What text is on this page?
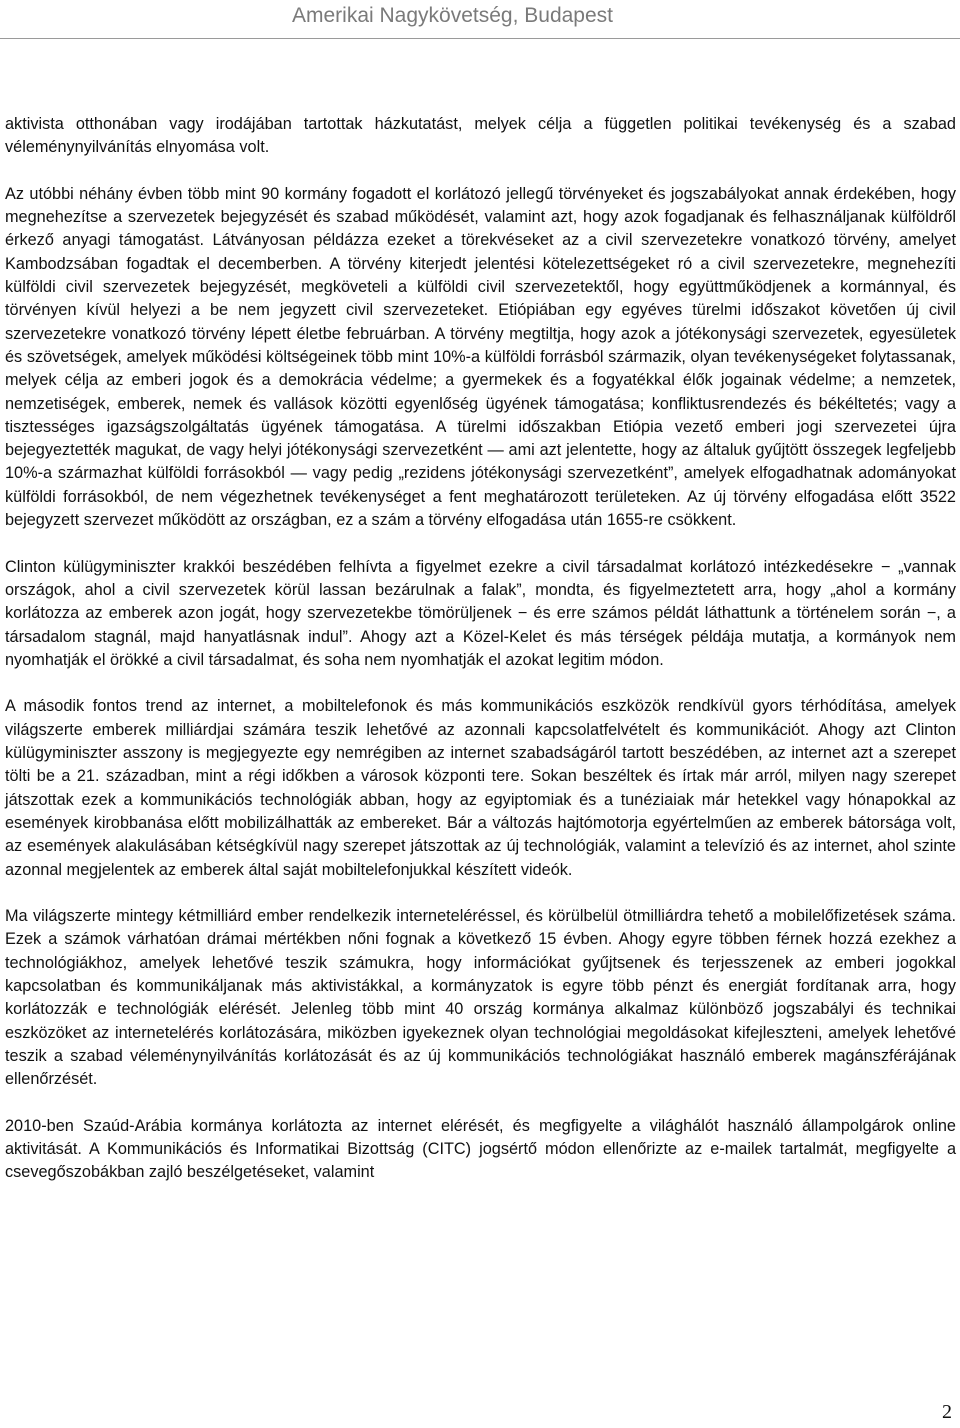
Amerikai Nagykövetség, Budapest

aktivista otthonában vagy irodájában tartottak házkutatást, melyek célja a független politikai tevékenység és a szabad véleménynyilvánítás elnyomása volt.

Az utóbbi néhány évben több mint 90 kormány fogadott el korlátozó jellegű törvényeket és jogszabályokat annak érdekében, hogy megnehezítse a szervezetek bejegyzését és szabad működését, valamint azt, hogy azok fogadjanak és felhasználjanak külföldről érkező anyagi támogatást. Látványosan példázza ezeket a törekvéseket az a civil szervezetekre vonatkozó törvény, amelyet Kambodzsában fogadtak el decemberben. A törvény kiterjedt jelentési kötelezettségeket ró a civil szervezetekre, megnehezíti külföldi civil szervezetek bejegyzését, megköveteli a külföldi civil szervezetektől, hogy együttműködjenek a kormánnyal, és törvényen kívül helyezi a be nem jegyzett civil szervezeteket. Etiópiában egy egyéves türelmi időszakot követően új civil szervezetekre vonatkozó törvény lépett életbe februárban. A törvény megtiltja, hogy azok a jótékonysági szervezetek, egyesületek és szövetségek, amelyek működési költségeinek több mint 10%-a külföldi forrásból származik, olyan tevékenységeket folytassanak, melyek célja az emberi jogok és a demokrácia védelme; a gyermekek és a fogyatékkal élők jogainak védelme; a nemzetek, nemzetiségek, emberek, nemek és vallások közötti egyenlőség ügyének támogatása; konfliktusrendezés és békéltetés; vagy a tisztességes igazságszolgáltatás ügyének támogatása. A türelmi időszakban Etiópia vezető emberi jogi szervezetei újra bejegyeztették magukat, de vagy helyi jótékonysági szervezetként — ami azt jelentette, hogy az általuk gyűjtött összegek legfeljebb 10%-a származhat külföldi forrásokból — vagy pedig „rezidens jótékonysági szervezetként”, amelyek elfogadhatnak adományokat külföldi forrásokból, de nem végezhetnek tevékenységet a fent meghatározott területeken. Az új törvény elfogadása előtt 3522 bejegyzett szervezet működött az országban, ez a szám a törvény elfogadása után 1655-re csökkent.

Clinton külügyminiszter krakkói beszédében felhívta a figyelmet ezekre a civil társadalmat korlátozó intézkedésekre − „vannak országok, ahol a civil szervezetek körül lassan bezárulnak a falak”, mondta, és figyelmeztetett arra, hogy „ahol a kormány korlátozza az emberek azon jogát, hogy szervezetekbe tömörüljenek − és erre számos példát láthattunk a történelem során −, a társadalom stagnál, majd hanyatlásnak indul”. Ahogy azt a Közel-Kelet és más térségek példája mutatja, a kormányok nem nyomhatják el örökké a civil társadalmat, és soha nem nyomhatják el azokat legitim módon.

A második fontos trend az internet, a mobiltelefonok és más kommunikációs eszközök rendkívül gyors térhódítása, amelyek világszerte emberek milliárdjai számára teszik lehetővé az azonnali kapcsolatfelvételt és kommunikációt. Ahogy azt Clinton külügyminiszter asszony is megjegyezte egy nemrégiben az internet szabadságáról tartott beszédében, az internet azt a szerepet tölti be a 21. században, mint a régi időkben a városok központi tere. Sokan beszéltek és írtak már arról, milyen nagy szerepet játszottak ezek a kommunikációs technológiák abban, hogy az egyiptomiak és a tunéziaiak már hetekkel vagy hónapokkal az események kirobbanása előtt mobilizálhatták az embereket. Bár a változás hajtómotorja egyértelműen az emberek bátorsága volt, az események alakulásában kétségkívül nagy szerepet játszottak az új technológiák, valamint a televízió és az internet, ahol szinte azonnal megjelentek az emberek által saját mobiltelefonjukkal készített videók.

Ma világszerte mintegy kétmilliárd ember rendelkezik interneteléréssel, és körülbelül ötmilliárdra tehető a mobilelőfizetések száma. Ezek a számok várhatóan drámai mértékben nőni fognak a következő 15 évben. Ahogy egyre többen férnek hozzá ezekhez a technológiákhoz, amelyek lehetővé teszik számukra, hogy információkat gyűjtsenek és terjesszenek az emberi jogokkal kapcsolatban és kommunikáljanak más aktivistákkal, a kormányzatok is egyre több pénzt és energiát fordítanak arra, hogy korlátozzák e technológiák elérését. Jelenleg több mint 40 ország kormánya alkalmaz különböző jogszabályi és technikai eszközöket az internetelérés korlátozására, miközben igyekeznek olyan technológiai megoldásokat kifejleszteni, amelyek lehetővé teszik a szabad véleménynyilvánítás korlátozását és az új kommunikációs technológiákat használó emberek magánszférájának ellenőrzését.

2010-ben Szaúd-Arábia kormánya korlátozta az internet elérését, és megfigyelte a világhálót használó állampolgárok online aktivitását. A Kommunikációs és Informatikai Bizottság (CITC) jogsértő módon ellenőrizte az e-mailek tartalmát, megfigyelte a csevegőszobákban zajló beszélgetéseket, valamint

2
